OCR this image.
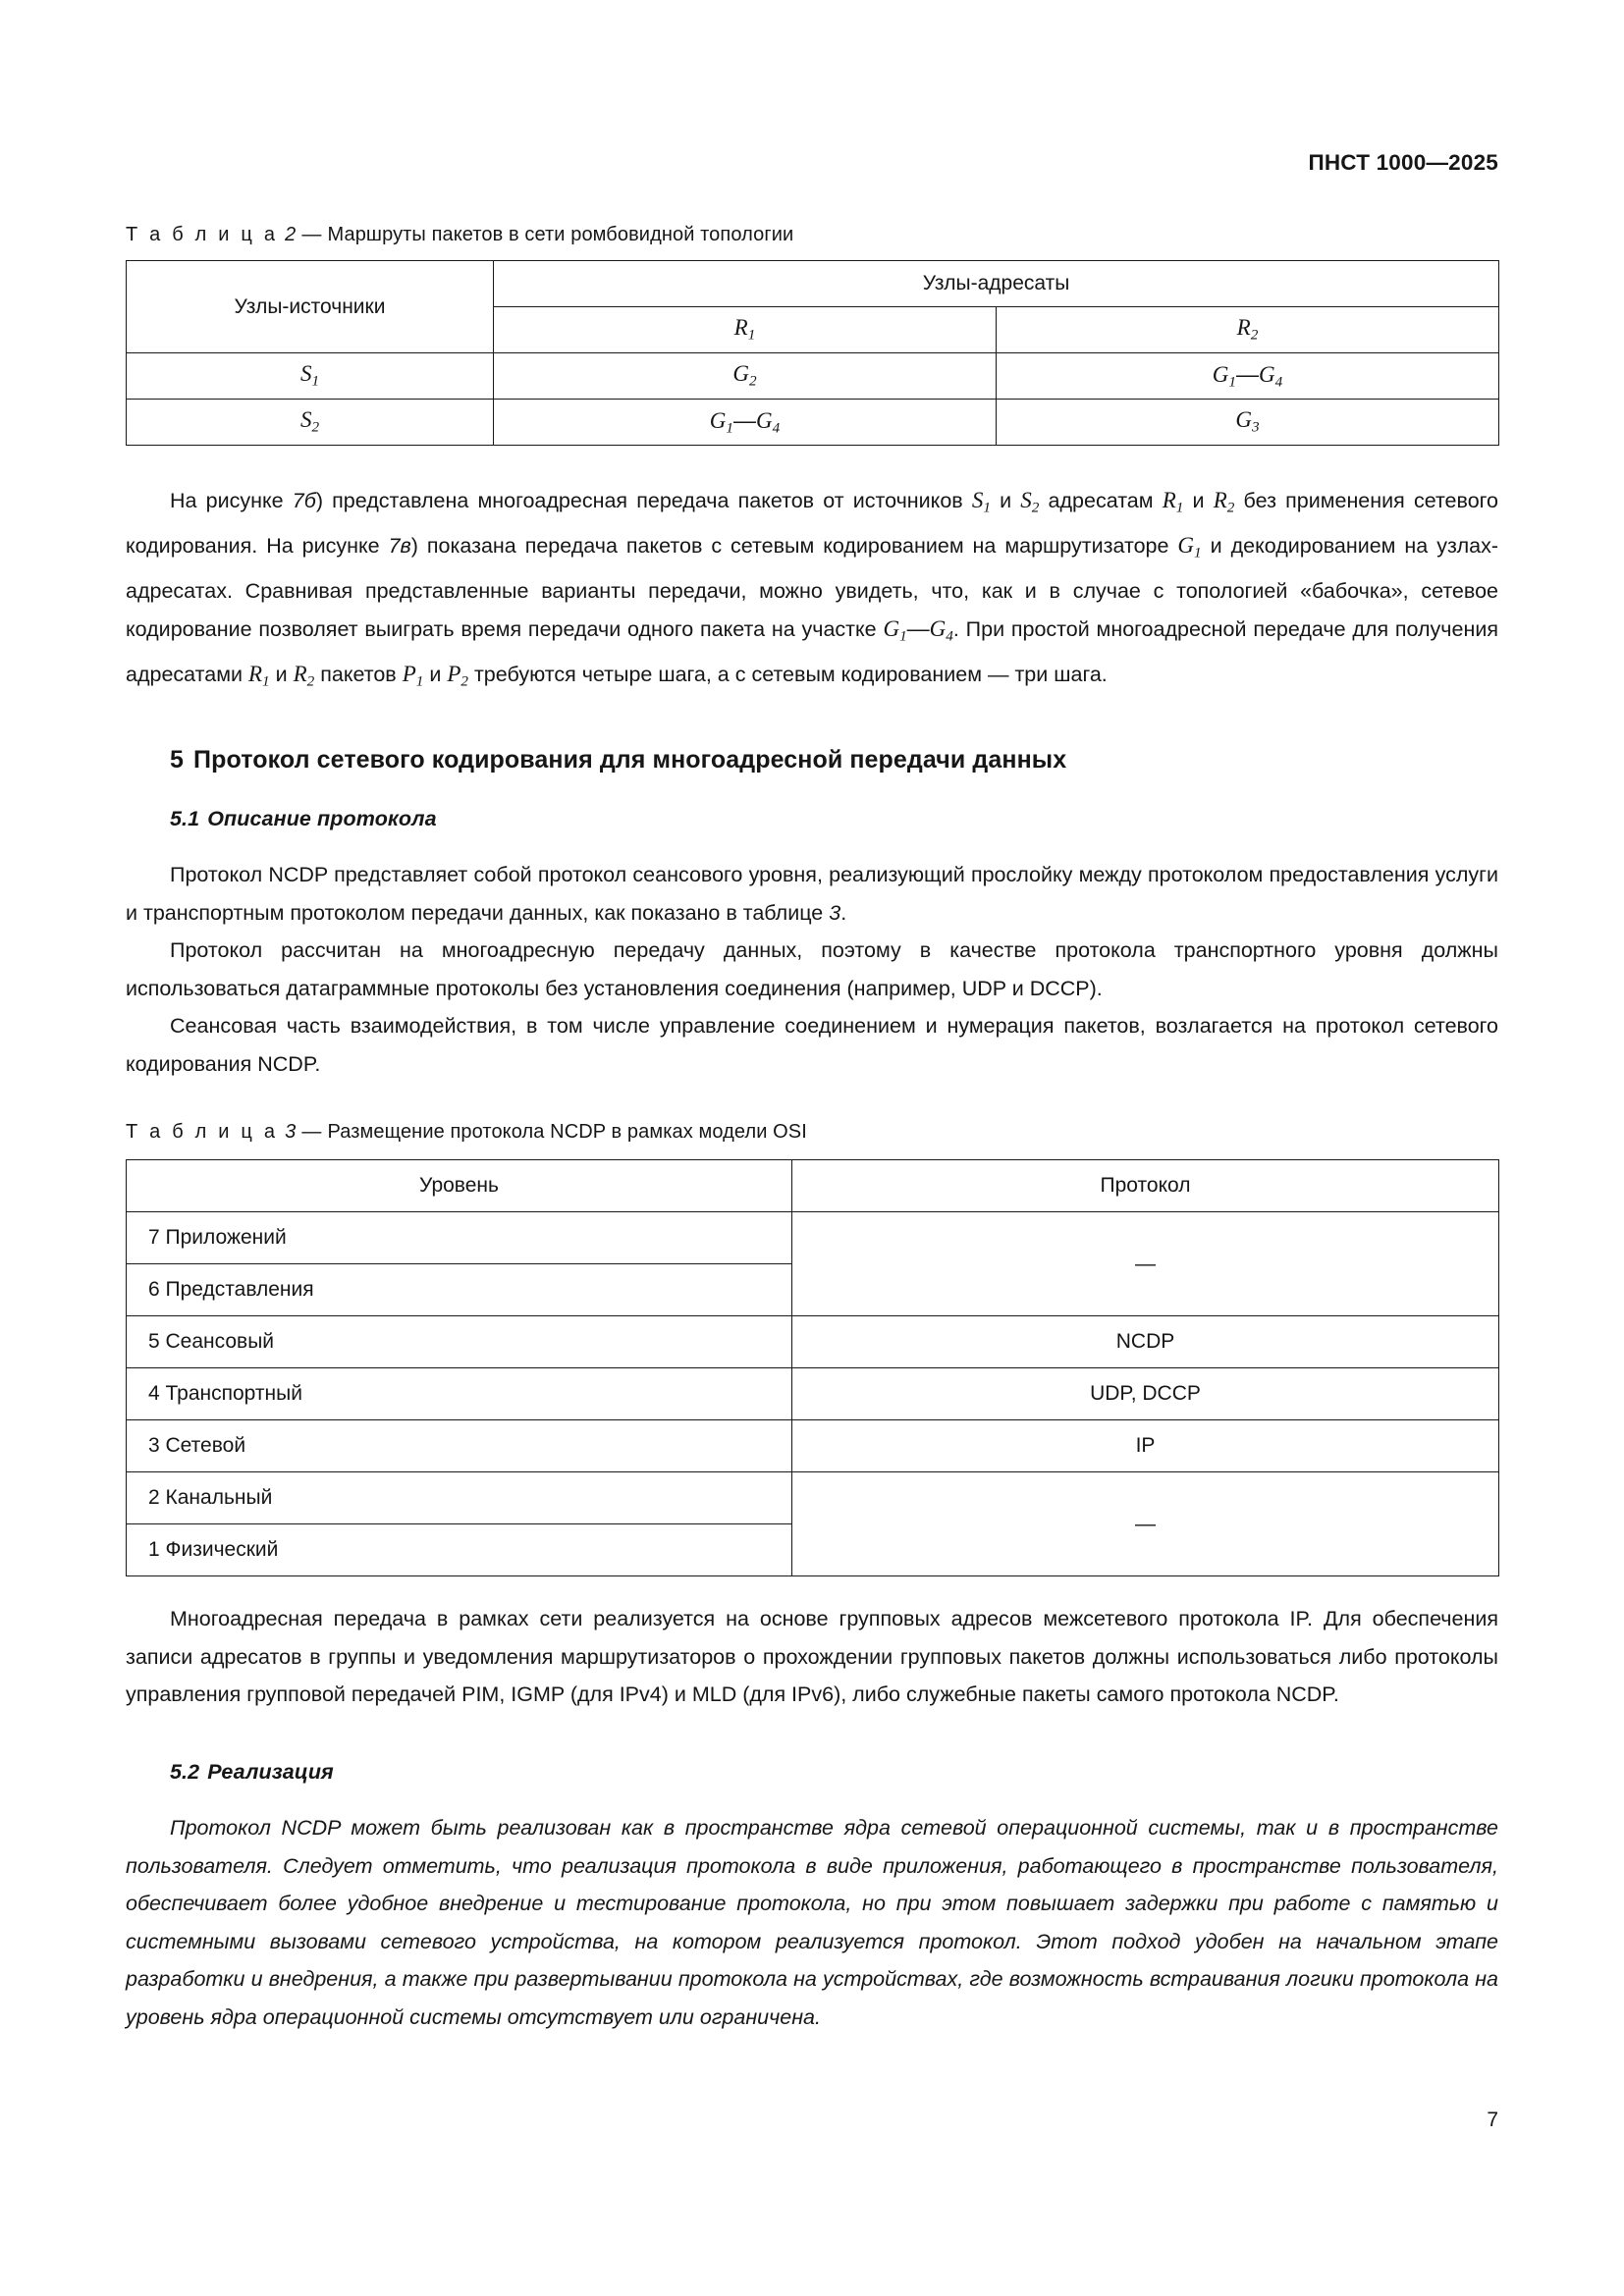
ПНСТ 1000—2025

Т а б л и ц а 2 — Маршруты пакетов в сети ромбовидной топологии

Узлы-источники	Узлы-адресаты	
	$R_1$	$R_2$
$S_1$	$G_2$	$G_1—G_4$
$S_2$	$G_1—G_4$	$G_3$

На рисунке 7б) представлена многоадресная передача пакетов от источников $S_1$ и $S_2$ адресатам $R_1$ и $R_2$ без применения сетевого кодирования. На рисунке 7в) показана передача пакетов с сетевым кодированием на маршрутизаторе $G_1$ и декодированием на узлах-адресатах. Сравнивая представленные варианты передачи, можно увидеть, что, как и в случае с топологией «бабочка», сетевое кодирование позволяет выиграть время передачи одного пакета на участке $G_1—G_4$. При простой многоадресной передаче для получения адресатами $R_1$ и $R_2$ пакетов $P_1$ и $P_2$ требуются четыре шага, а с сетевым кодированием — три шага.

5 Протокол сетевого кодирования для многоадресной передачи данных
5.1 Описание протокола

Протокол NCDP представляет собой протокол сеансового уровня, реализующий прослойку между протоколом предоставления услуги и транспортным протоколом передачи данных, как показано в таблице 3.

Протокол рассчитан на многоадресную передачу данных, поэтому в качестве протокола транспортного уровня должны использоваться датаграммные протоколы без установления соединения (например, UDP и DCCP).

Сеансовая часть взаимодействия, в том числе управление соединением и нумерация пакетов, возлагается на протокол сетевого кодирования NCDP.

Т а б л и ц а 3 — Размещение протокола NCDP в рамках модели OSI

Уровень	Протокол
7 Приложений	—
6 Представления	
5 Сеансовый	NCDP
4 Транспортный	UDP, DCCP
3 Сетевой	IP
2 Канальный	—
1 Физический	

Многоадресная передача в рамках сети реализуется на основе групповых адресов межсетевого протокола IP. Для обеспечения записи адресатов в группы и уведомления маршрутизаторов о прохождении групповых пакетов должны использоваться либо протоколы управления групповой передачей PIM, IGMP (для IPv4) и MLD (для IPv6), либо служебные пакеты самого протокола NCDP.

5.2 Реализация

Протокол NCDP может быть реализован как в пространстве ядра сетевой операционной системы, так и в пространстве пользователя. Следует отметить, что реализация протокола в виде приложения, работающего в пространстве пользователя, обеспечивает более удобное внедрение и тестирование протокола, но при этом повышает задержки при работе с памятью и системными вызовами сетевого устройства, на котором реализуется протокол. Этот подход удобен на начальном этапе разработки и внедрения, а также при развертывании протокола на устройствах, где возможность встраивания логики протокола на уровень ядра операционной системы отсутствует или ограничена.

7
